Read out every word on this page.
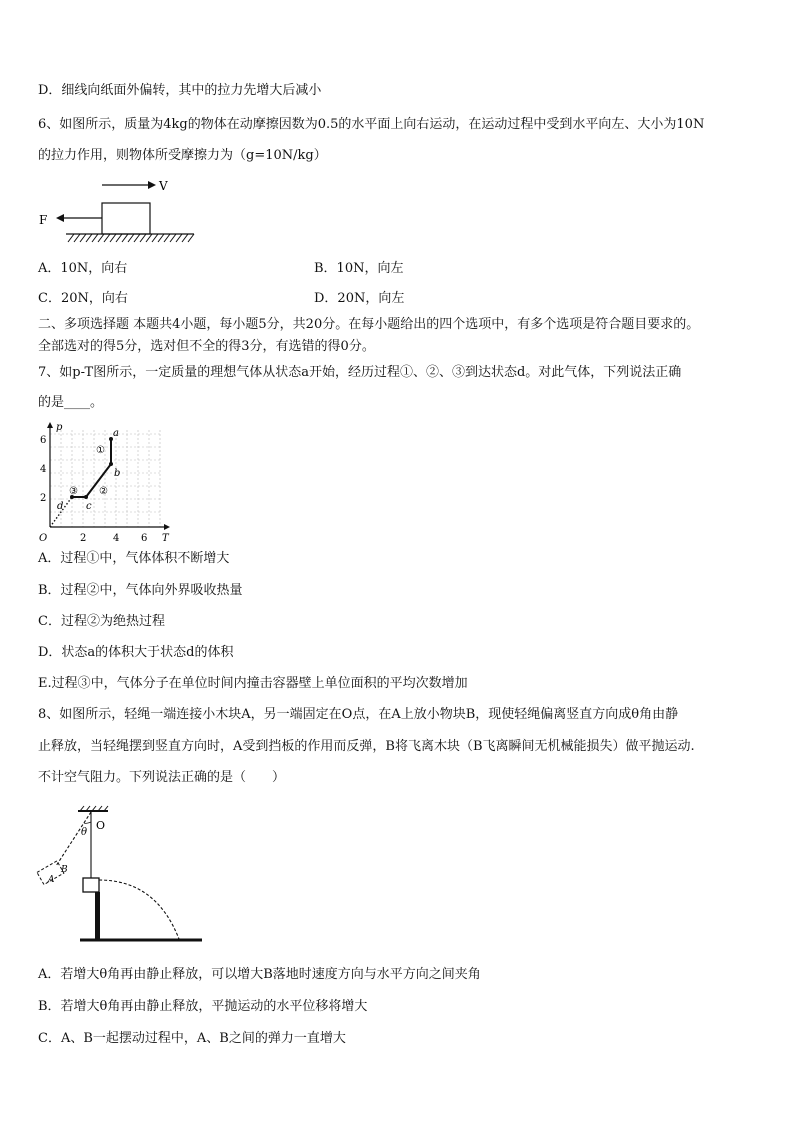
D．细线向纸面外偏转，其中的拉力先增大后减小
6、如图所示，质量为4kg的物体在动摩擦因数为0.5的水平面上向右运动，在运动过程中受到水平向左、大小为10N
的拉力作用，则物体所受摩擦力为（g=10N/kg）
V
F
A．10N，向右	B．10N，向左
C．20N，向右	D．20N，向左
二、多项选择题 本题共4小题，每小题5分，共20分。在每小题给出的四个选项中，有多个选项是符合题目要求的。
全部选对的得5分，选对但不全的得3分，有选错的得0分。
7、如p-T图所示，一定质量的理想气体从状态a开始，经历过程①、②、③到达状态d。对此气体，下列说法正确
的是____。
p
T
O
6
4
2
2	4 6
a
b
c
d
①
②
③
A．过程①中，气体体积不断增大
B．过程②中，气体向外界吸收热量
C．过程②为绝热过程
D．状态a的体积大于状态d的体积
E.过程③中，气体分子在单位时间内撞击容器壁上单位面积的平均次数增加
8、如图所示，轻绳一端连接小木块A，另一端固定在O点，在A上放小物块B，现使轻绳偏离竖直方向成θ角由静
止释放，当轻绳摆到竖直方向时，A受到挡板的作用而反弹，B将飞离木块（B飞离瞬间无机械能损失）做平抛运动.
不计空气阻力。下列说法正确的是（　　）
O
θ
A
B
A．若增大θ角再由静止释放，可以增大B落地时速度方向与水平方向之间夹角
B．若增大θ角再由静止释放，平抛运动的水平位移将增大
C．A、B一起摆动过程中，A、B之间的弹力一直增大
